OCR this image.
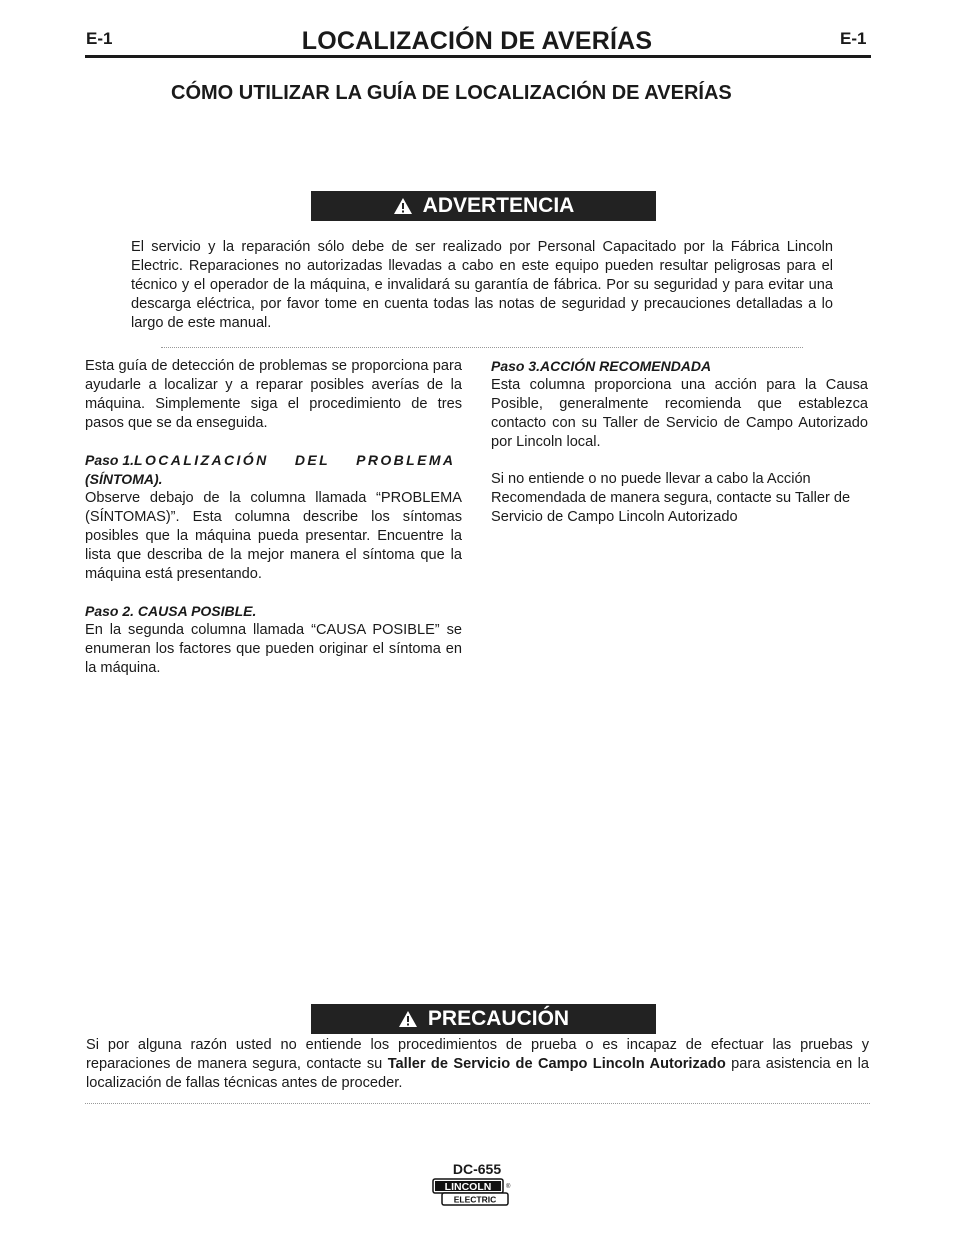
E-1	LOCALIZACIÓN DE AVERÍAS	E-1
CÓMO UTILIZAR LA GUÍA DE LOCALIZACIÓN DE AVERÍAS
ADVERTENCIA
El servicio y la reparación sólo debe de ser realizado por Personal Capacitado por la Fábrica Lincoln Electric. Reparaciones no autorizadas llevadas a cabo en este equipo pueden resultar peligrosas para el técnico y el operador de la máquina, e invalidará su garantía de fábrica. Por su seguridad y para evitar una descarga eléctrica, por favor tome en cuenta todas las notas de seguridad y precauciones detalladas a lo largo de este manual.
Esta guía de detección de problemas se proporciona para ayudarle a localizar y a reparar posibles averías de la máquina. Simplemente siga el procedimiento de tres pasos que se da enseguida.
Paso 1.LOCALIZACIÓN DEL PROBLEMA
(SÍNTOMA).
Observe debajo de la columna llamada “PROBLEMA (SÍNTOMAS)”. Esta columna describe los síntomas posibles que la máquina pueda presentar. Encuentre la lista que describa de la mejor manera el síntoma que la máquina está presentando.
Paso 2. CAUSA POSIBLE.
En la segunda columna llamada “CAUSA POSIBLE” se enumeran los factores que pueden originar el síntoma en la máquina.
Paso 3.ACCIÓN RECOMENDADA
Esta columna proporciona una acción para la Causa Posible, generalmente recomienda que establezca contacto con su Taller de Servicio de Campo Autorizado por Lincoln local.
Si no entiende o no puede llevar a cabo la Acción Recomendada de manera segura, contacte su Taller de Servicio de Campo Lincoln Autorizado
PRECAUCIÓN
Si por alguna razón usted no entiende los procedimientos de prueba o es incapaz de efectuar las pruebas y reparaciones de manera segura, contacte su Taller de Servicio de Campo Lincoln Autorizado para asistencia en la localización de fallas técnicas antes de proceder.
DC-655
LINCOLN ®
ELECTRIC
